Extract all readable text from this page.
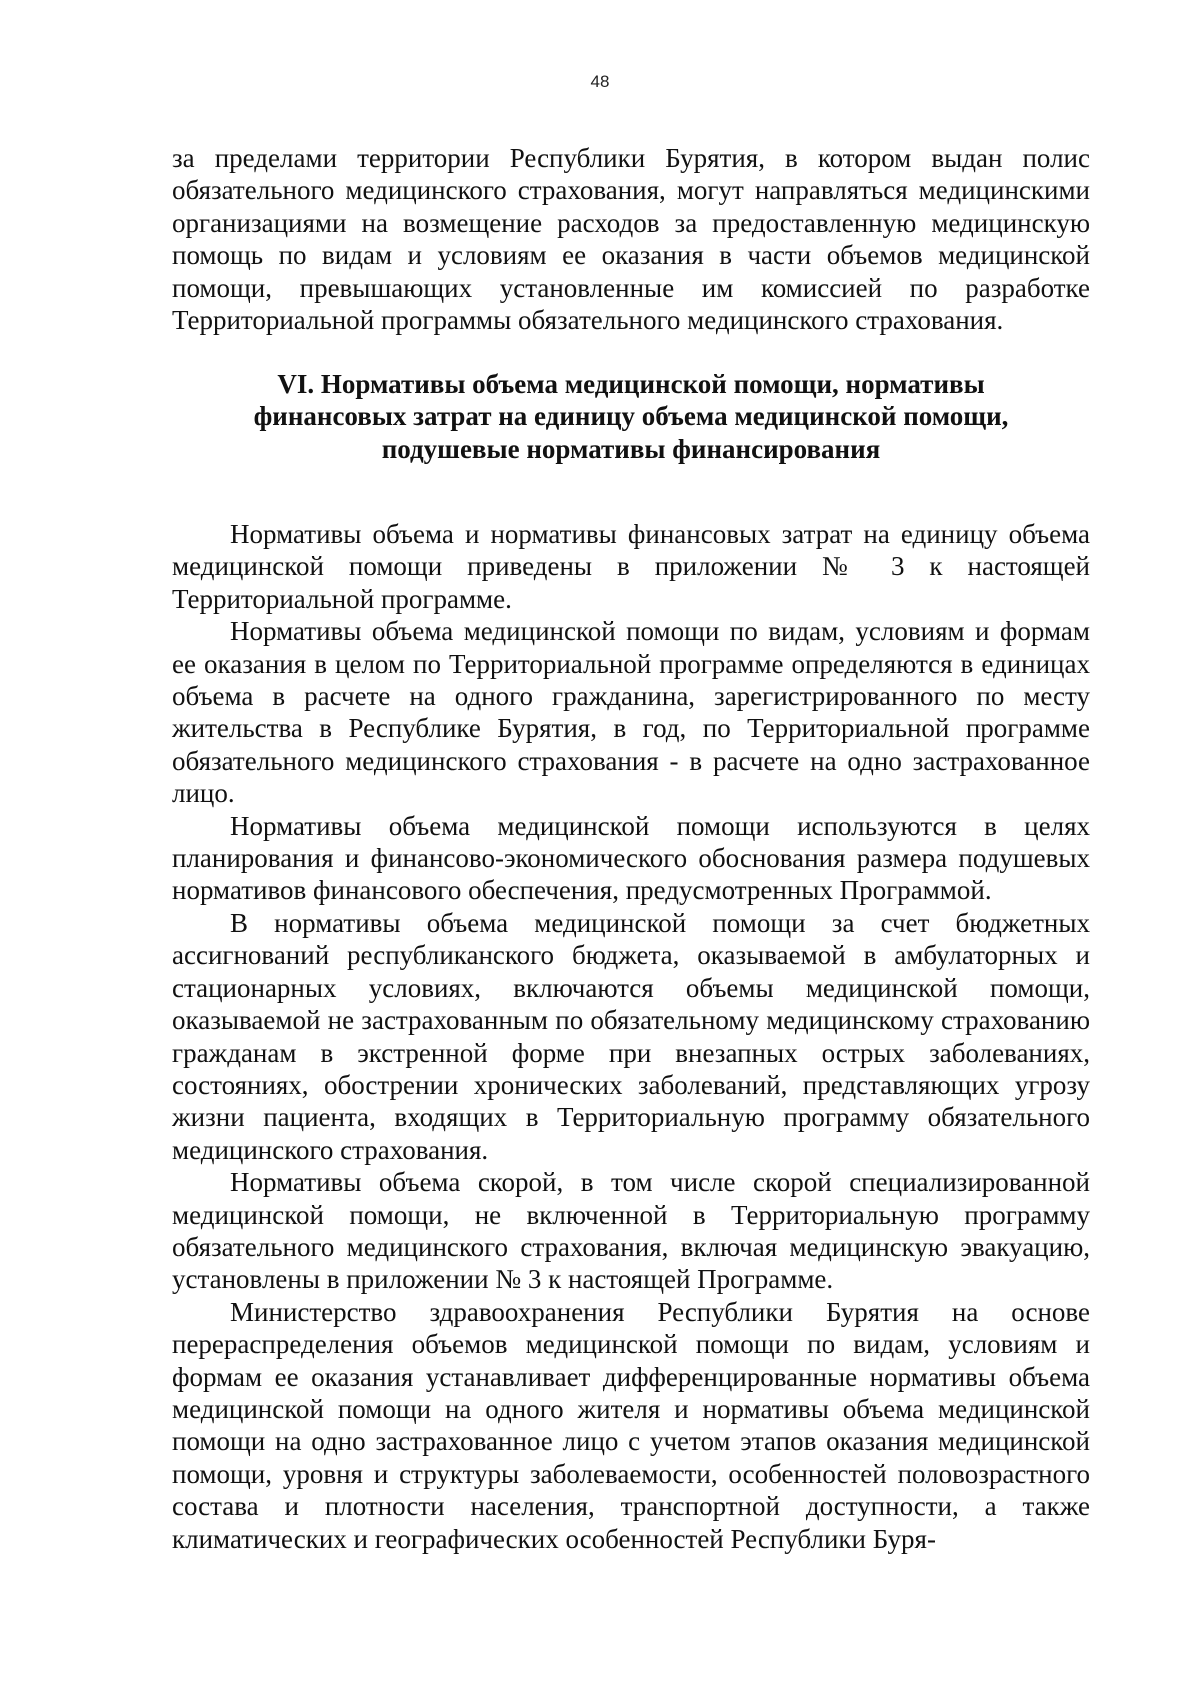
48

за пределами территории Республики Бурятия, в котором выдан полис обязательного медицинского страхования, могут направляться медицинскими организациями на возмещение расходов за предоставленную медицинскую помощь по видам и условиям ее оказания в части объемов медицинской помощи, превышающих установленные им комиссией по разработке Территориальной программы обязательного медицинского страхования.

VI. Нормативы объема медицинской помощи, нормативы
финансовых затрат на единицу объема медицинской помощи,
подушевые нормативы финансирования

Нормативы объема и нормативы финансовых затрат на единицу объема медицинской помощи приведены в приложении № 3 к настоящей Территориальной программе.

Нормативы объема медицинской помощи по видам, условиям и формам ее оказания в целом по Территориальной программе определяются в единицах объема в расчете на одного гражданина, зарегистрированного по месту жительства в Республике Бурятия, в год, по Территориальной программе обязательного медицинского страхования - в расчете на одно застрахованное лицо.

Нормативы объема медицинской помощи используются в целях планирования и финансово-экономического обоснования размера подушевых нормативов финансового обеспечения, предусмотренных Программой.

В нормативы объема медицинской помощи за счет бюджетных ассигнований республиканского бюджета, оказываемой в амбулаторных и стационарных условиях, включаются объемы медицинской помощи, оказываемой не застрахованным по обязательному медицинскому страхованию гражданам в экстренной форме при внезапных острых заболеваниях, состояниях, обострении хронических заболеваний, представляющих угрозу жизни пациента, входящих в Территориальную программу обязательного медицинского страхования.

Нормативы объема скорой, в том числе скорой специализированной медицинской помощи, не включенной в Территориальную программу обязательного медицинского страхования, включая медицинскую эвакуацию, установлены в приложении № 3 к настоящей Программе.

Министерство здравоохранения Республики Бурятия на основе перераспределения объемов медицинской помощи по видам, условиям и формам ее оказания устанавливает дифференцированные нормативы объема медицинской помощи на одного жителя и нормативы объема медицинской помощи на одно застрахованное лицо с учетом этапов оказания медицинской помощи, уровня и структуры заболеваемости, особенностей половозрастного состава и плотности населения, транспортной доступности, а также климатических и географических особенностей Республики Буря-
